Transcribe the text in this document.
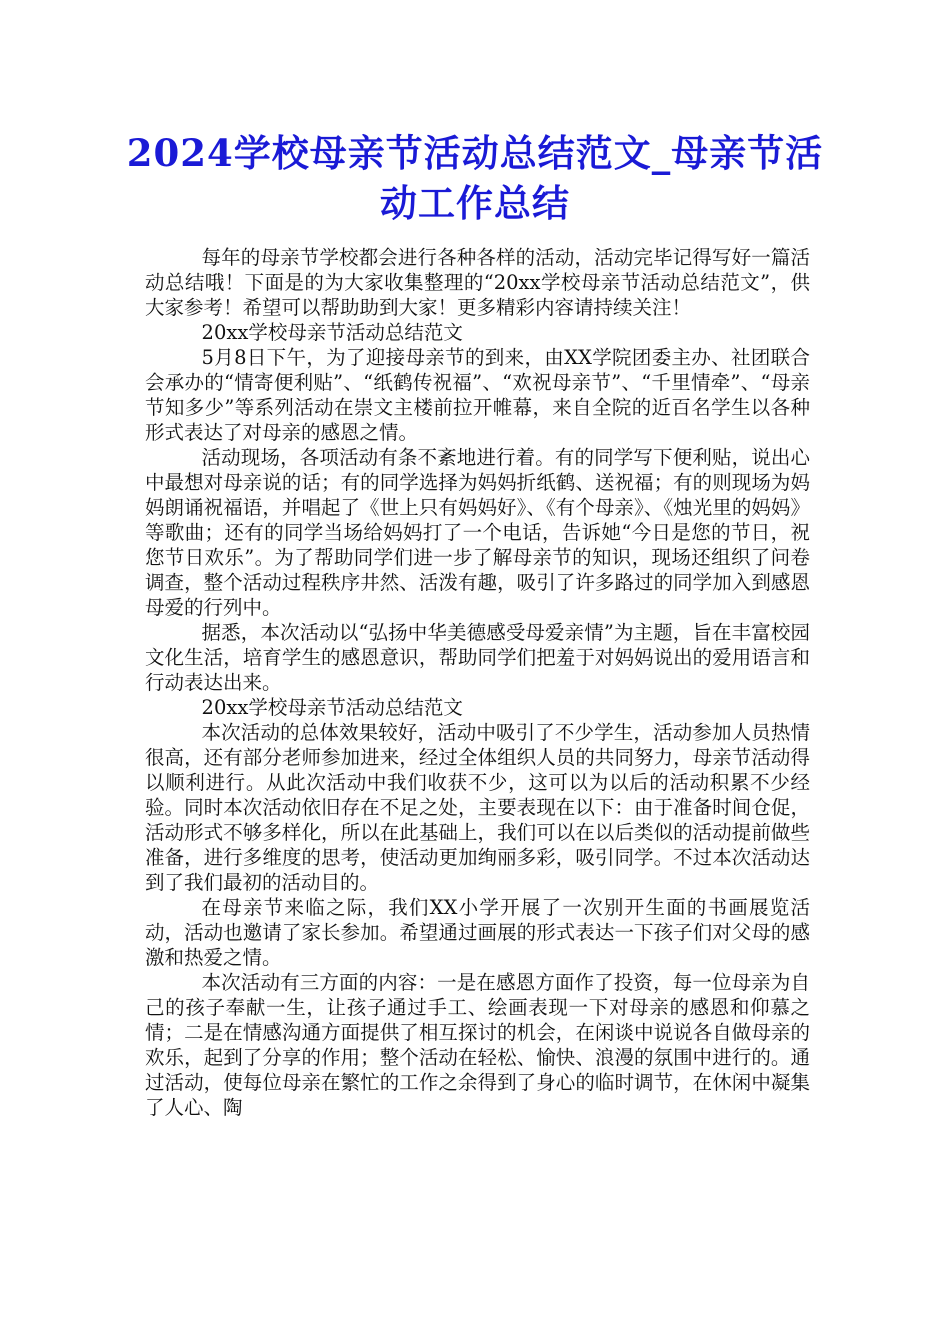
2024学校母亲节活动总结范文_母亲节活动工作总结

每年的母亲节学校都会进行各种各样的活动，活动完毕记得写好一篇活动总结哦！下面是的为大家收集整理的“20xx学校母亲节活动总结范文”，供大家参考！希望可以帮助助到大家！更多精彩内容请持续关注！

20xx学校母亲节活动总结范文

5月8日下午，为了迎接母亲节的到来，由XX学院团委主办、社团联合会承办的“情寄便利贴”、“纸鹤传祝福”、“欢祝母亲节”、“千里情牵”、“母亲节知多少”等系列活动在崇文主楼前拉开帷幕，来自全院的近百名学生以各种形式表达了对母亲的感恩之情。

活动现场，各项活动有条不紊地进行着。有的同学写下便利贴，说出心中最想对母亲说的话；有的同学选择为妈妈折纸鹤、送祝福；有的则现场为妈妈朗诵祝福语，并唱起了《世上只有妈妈好》、《有个母亲》、《烛光里的妈妈》等歌曲；还有的同学当场给妈妈打了一个电话，告诉她“今日是您的节日，祝您节日欢乐”。为了帮助同学们进一步了解母亲节的知识，现场还组织了问卷调查，整个活动过程秩序井然、活泼有趣，吸引了许多路过的同学加入到感恩母爱的行列中。

据悉，本次活动以“弘扬中华美德感受母爱亲情”为主题，旨在丰富校园文化生活，培育学生的感恩意识，帮助同学们把羞于对妈妈说出的爱用语言和行动表达出来。

20xx学校母亲节活动总结范文

本次活动的总体效果较好，活动中吸引了不少学生，活动参加人员热情很高，还有部分老师参加进来，经过全体组织人员的共同努力，母亲节活动得以顺利进行。从此次活动中我们收获不少，这可以为以后的活动积累不少经验。同时本次活动依旧存在不足之处，主要表现在以下：由于准备时间仓促，活动形式不够多样化，所以在此基础上，我们可以在以后类似的活动提前做些准备，进行多维度的思考，使活动更加绚丽多彩，吸引同学。不过本次活动达到了我们最初的活动目的。

在母亲节来临之际，我们XX小学开展了一次别开生面的书画展览活动，活动也邀请了家长参加。希望通过画展的形式表达一下孩子们对父母的感激和热爱之情。

本次活动有三方面的内容：一是在感恩方面作了投资，每一位母亲为自己的孩子奉献一生，让孩子通过手工、绘画表现一下对母亲的感恩和仰慕之情；二是在情感沟通方面提供了相互探讨的机会，在闲谈中说说各自做母亲的欢乐，起到了分享的作用；整个活动在轻松、愉快、浪漫的氛围中进行的。通过活动，使每位母亲在繁忙的工作之余得到了身心的临时调节，在休闲中凝集了人心、陶
